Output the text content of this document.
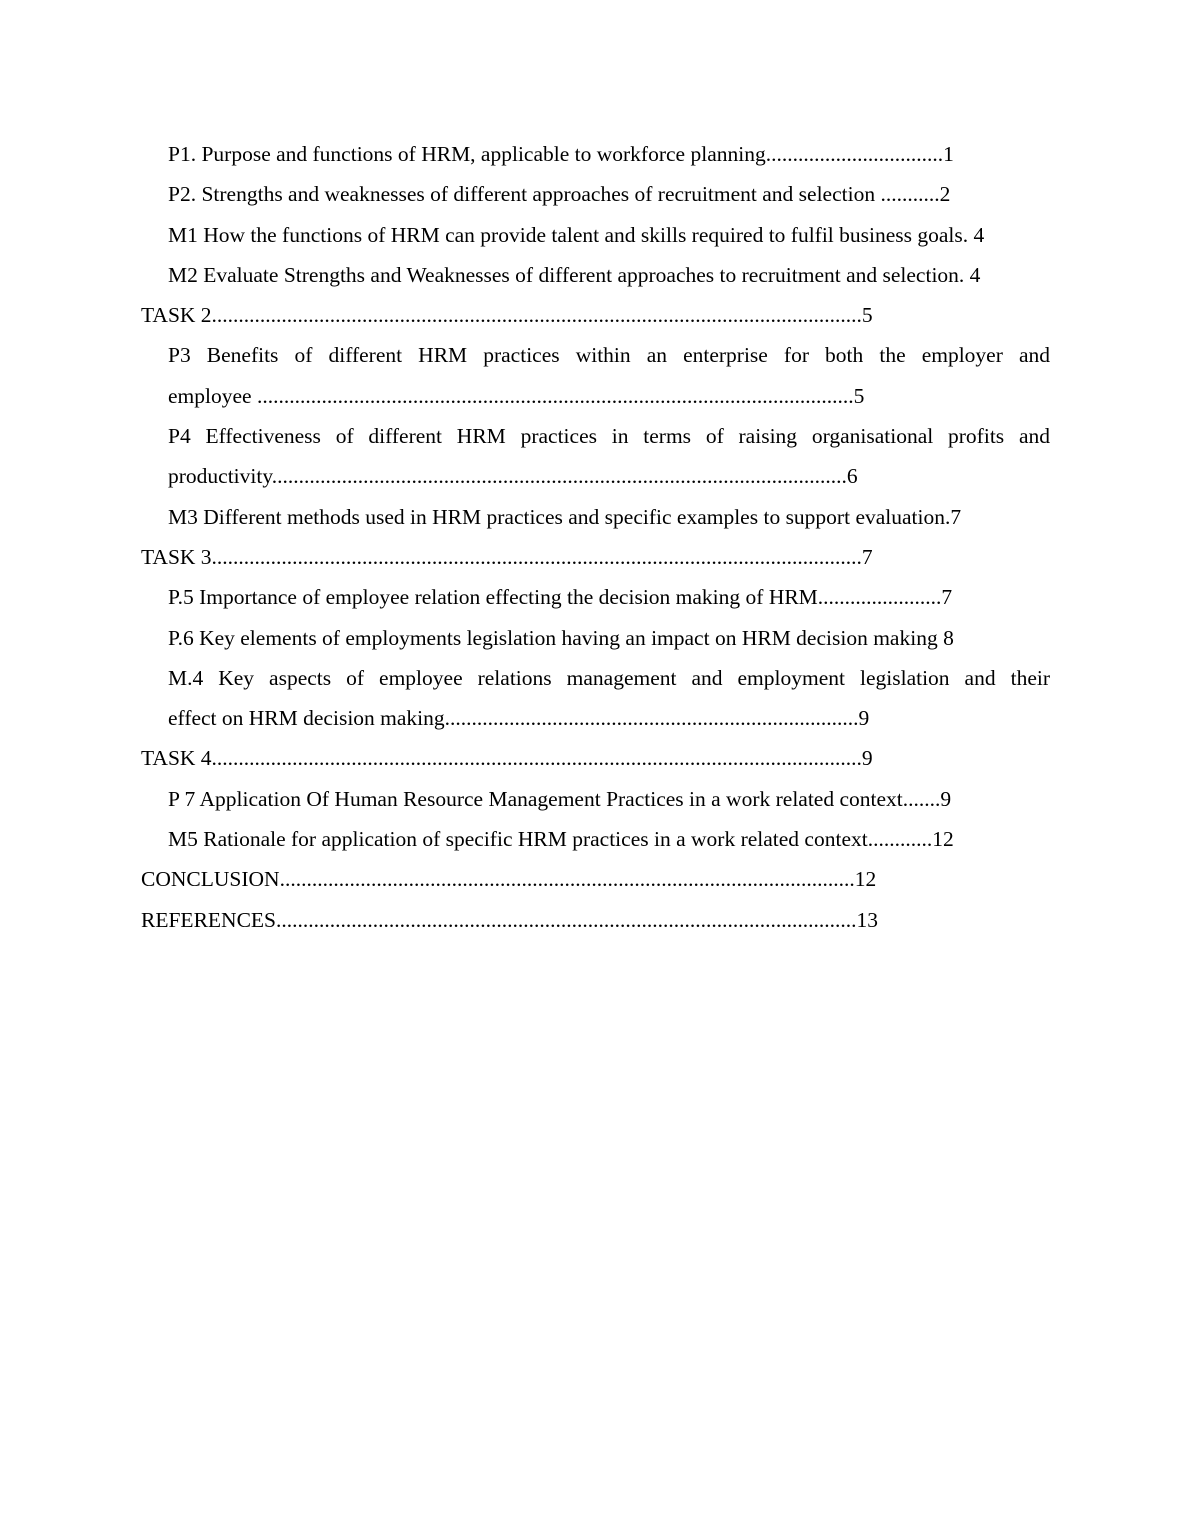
P1. Purpose and functions of HRM, applicable to workforce planning.................................1
P2. Strengths and weaknesses of different approaches of recruitment and selection ...........2
M1 How the functions of HRM can provide talent and skills required to fulfil business goals. 4
M2 Evaluate Strengths and Weaknesses of different approaches to recruitment and selection. 4
TASK 2.........................................................................................................................5
P3 Benefits of different HRM practices within an enterprise for both the employer and
employee ...............................................................................................................5
P4 Effectiveness of different HRM practices in terms of raising organisational profits and
productivity...........................................................................................................6
M3 Different methods used in HRM practices and specific examples to support evaluation.7
TASK 3.........................................................................................................................7
P.5 Importance of employee relation effecting the decision making of HRM.......................7
P.6 Key elements of employments legislation having an impact on HRM decision making 8
M.4 Key aspects of employee relations management and employment legislation and their
effect on HRM decision making.............................................................................9
TASK 4.........................................................................................................................9
P 7 Application Of Human Resource Management Practices in a work related context.......9
M5 Rationale for application of specific HRM practices in a work related context............12
CONCLUSION...........................................................................................................12
REFERENCES............................................................................................................13
